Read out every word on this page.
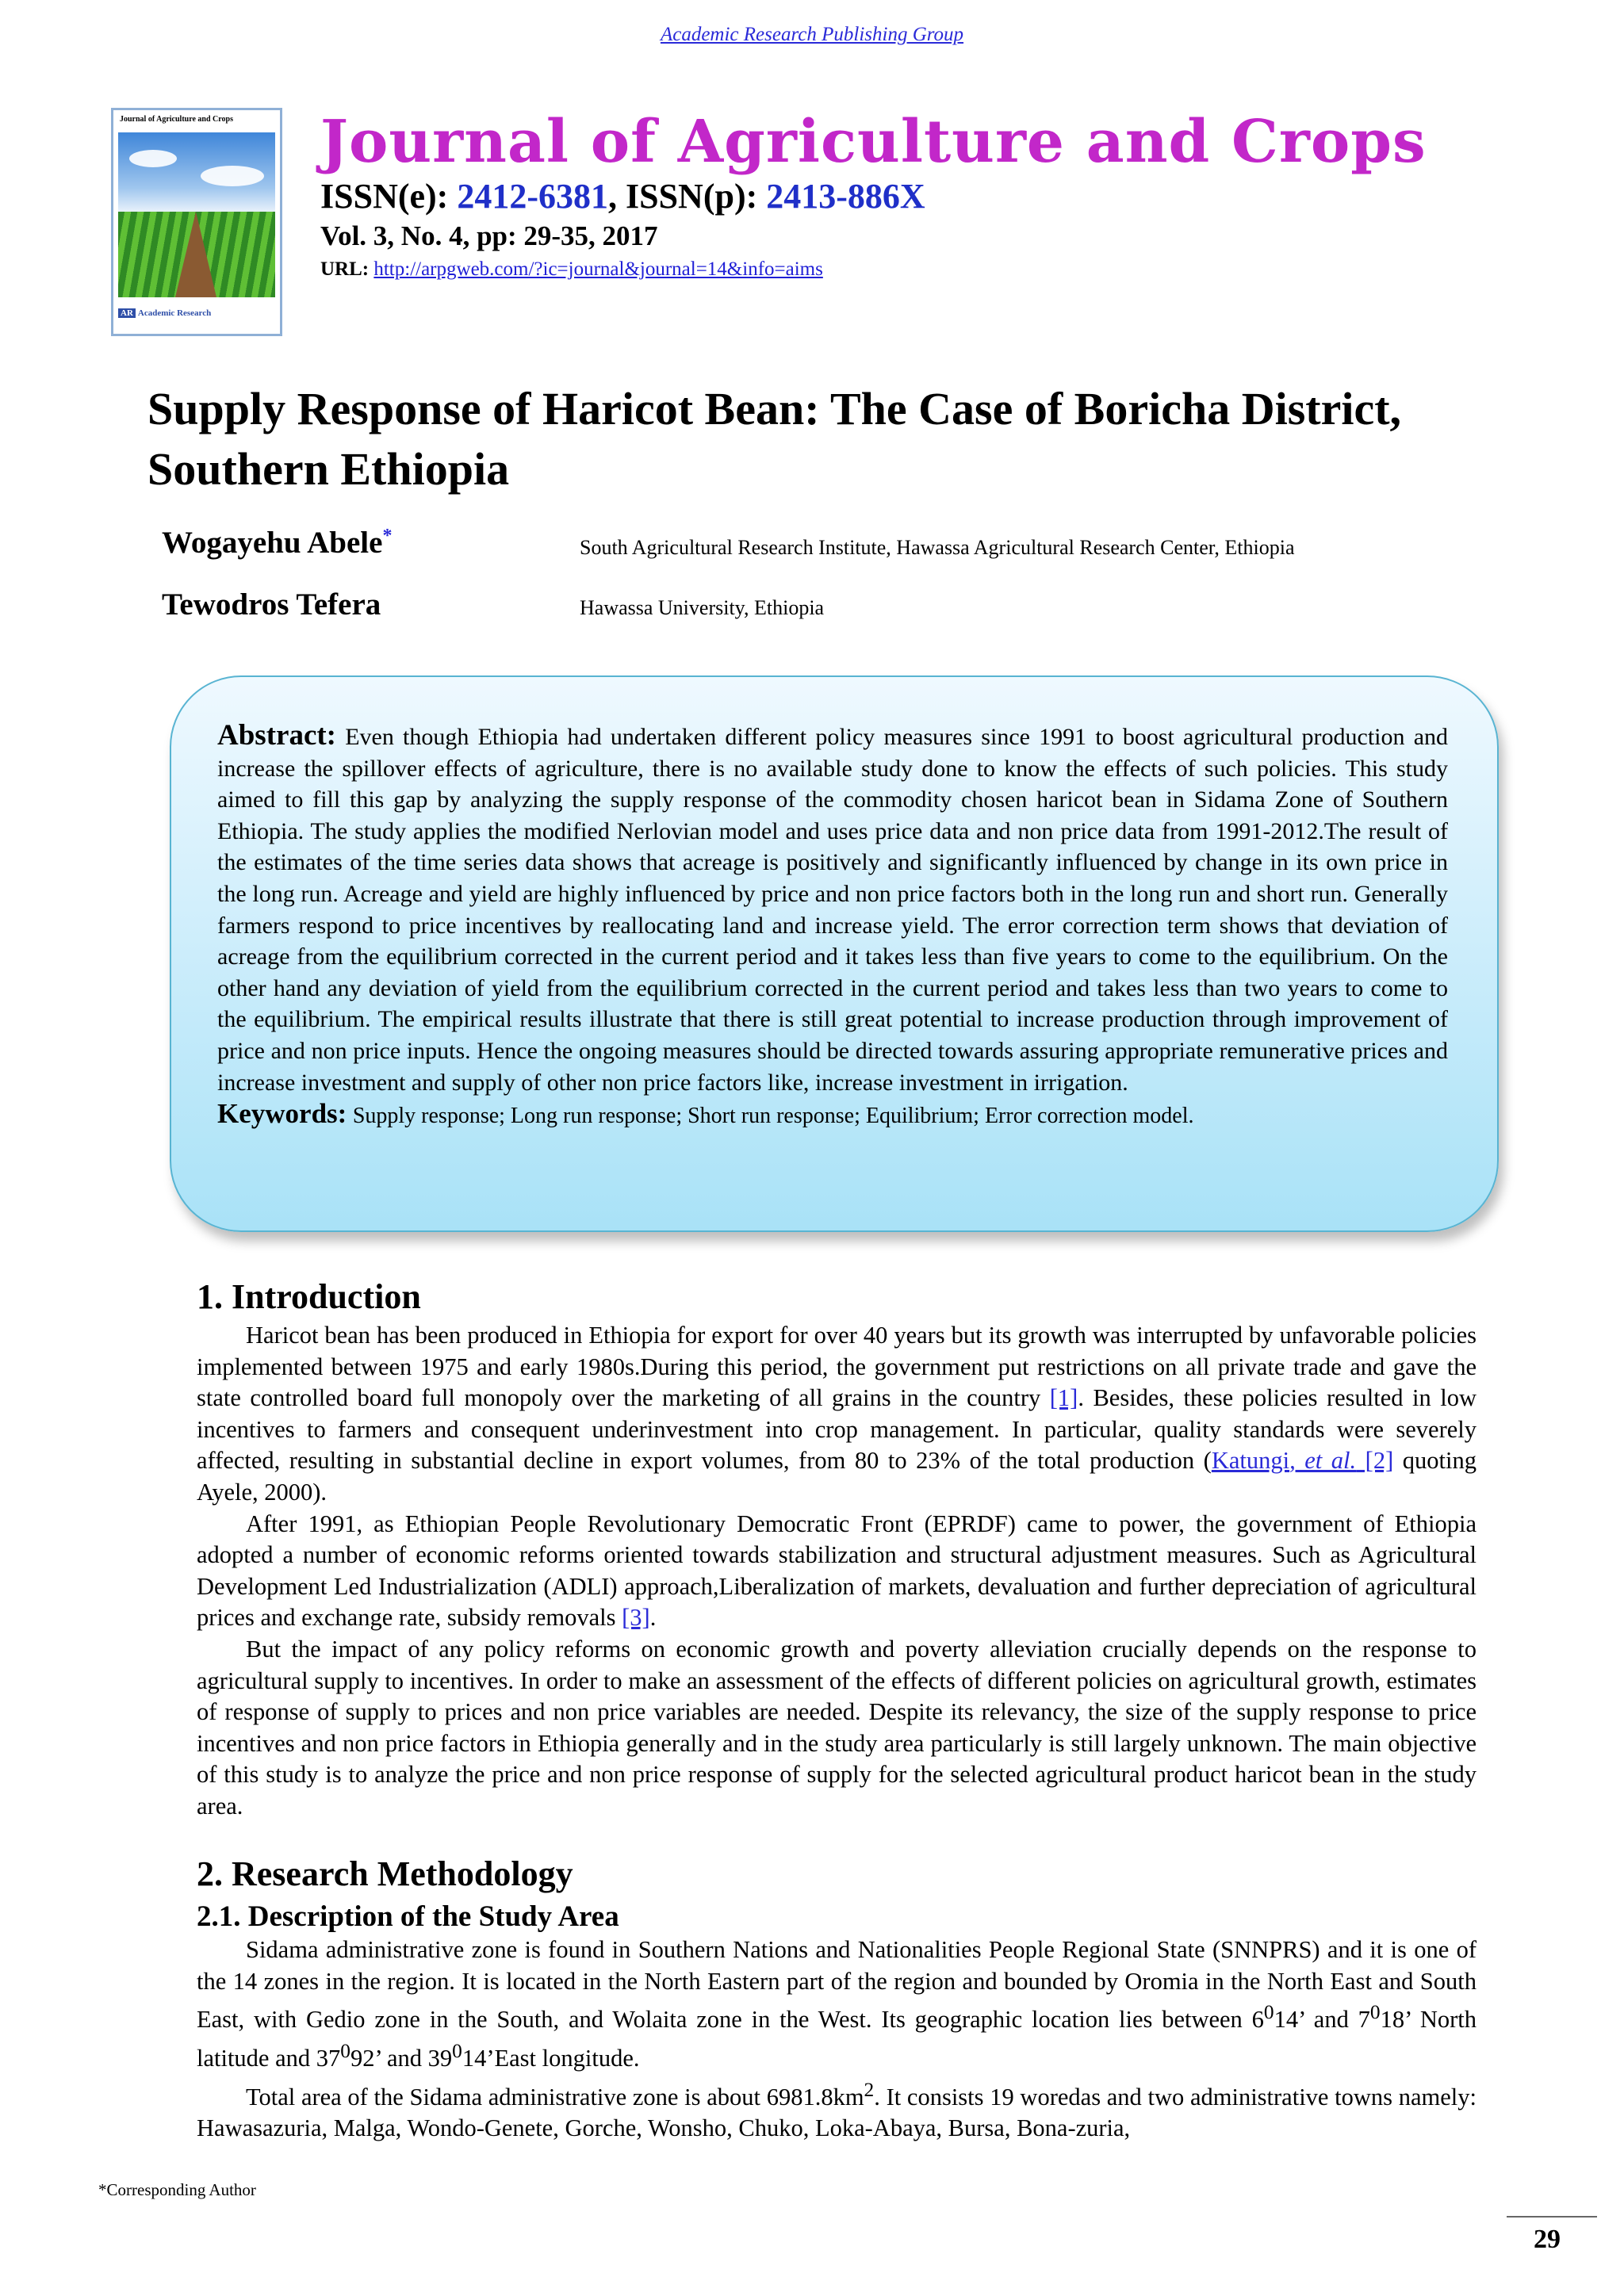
Academic Research Publishing Group
Journal of Agriculture and Crops
AR Academic Research
Journal of Agriculture and Crops
ISSN(e): 2412-6381, ISSN(p): 2413-886X
Vol. 3, No. 4, pp: 29-35, 2017
URL: http://arpgweb.com/?ic=journal&journal=14&info=aims
Supply Response of Haricot Bean: The Case of Boricha District, Southern Ethiopia
Wogayehu Abele*	South Agricultural Research Institute, Hawassa Agricultural Research Center, Ethiopia
Tewodros Tefera	Hawassa University, Ethiopia

Abstract: Even though Ethiopia had undertaken different policy measures since 1991 to boost agricultural production and increase the spillover effects of agriculture, there is no available study done to know the effects of such policies. This study aimed to fill this gap by analyzing the supply response of the commodity chosen haricot bean in Sidama Zone of Southern Ethiopia. The study applies the modified Nerlovian model and uses price data and non price data from 1991-2012.The result of the estimates of the time series data shows that acreage is positively and significantly influenced by change in its own price in the long run. Acreage and yield are highly influenced by price and non price factors both in the long run and short run. Generally farmers respond to price incentives by reallocating land and increase yield. The error correction term shows that deviation of acreage from the equilibrium corrected in the current period and it takes less than five years to come to the equilibrium. On the other hand any deviation of yield from the equilibrium corrected in the current period and takes less than two years to come to the equilibrium. The empirical results illustrate that there is still great potential to increase production through improvement of price and non price inputs. Hence the ongoing measures should be directed towards assuring appropriate remunerative prices and increase investment and supply of other non price factors like, increase investment in irrigation.

Keywords: Supply response; Long run response; Short run response; Equilibrium; Error correction model.

1. Introduction

Haricot bean has been produced in Ethiopia for export for over 40 years but its growth was interrupted by unfavorable policies implemented between 1975 and early 1980s.During this period, the government put restrictions on all private trade and gave the state controlled board full monopoly over the marketing of all grains in the country [1]. Besides, these policies resulted in low incentives to farmers and consequent underinvestment into crop management. In particular, quality standards were severely affected, resulting in substantial decline in export volumes, from 80 to 23% of the total production (Katungi, et al. [2] quoting Ayele, 2000).

After 1991, as Ethiopian People Revolutionary Democratic Front (EPRDF) came to power, the government of Ethiopia adopted a number of economic reforms oriented towards stabilization and structural adjustment measures. Such as Agricultural Development Led Industrialization (ADLI) approach,Liberalization of markets, devaluation and further depreciation of agricultural prices and exchange rate, subsidy removals [3].

But the impact of any policy reforms on economic growth and poverty alleviation crucially depends on the response to agricultural supply to incentives. In order to make an assessment of the effects of different policies on agricultural growth, estimates of response of supply to prices and non price variables are needed. Despite its relevancy, the size of the supply response to price incentives and non price factors in Ethiopia generally and in the study area particularly is still largely unknown. The main objective of this study is to analyze the price and non price response of supply for the selected agricultural product haricot bean in the study area.

2. Research Methodology
2.1. Description of the Study Area

Sidama administrative zone is found in Southern Nations and Nationalities People Regional State (SNNPRS) and it is one of the 14 zones in the region. It is located in the North Eastern part of the region and bounded by Oromia in the North East and South East, with Gedio zone in the South, and Wolaita zone in the West. Its geographic location lies between $6^014$’ and $7^018$’ North latitude and $37^092$’ and $39^014’East$ longitude.

Total area of the Sidama administrative zone is about $6981.8km^2$. It consists 19 woredas and two administrative towns namely: Hawasazuria, Malga, Wondo-Genete, Gorche, Wonsho, Chuko, Loka-Abaya, Bursa, Bona-zuria,

*Corresponding Author
29
